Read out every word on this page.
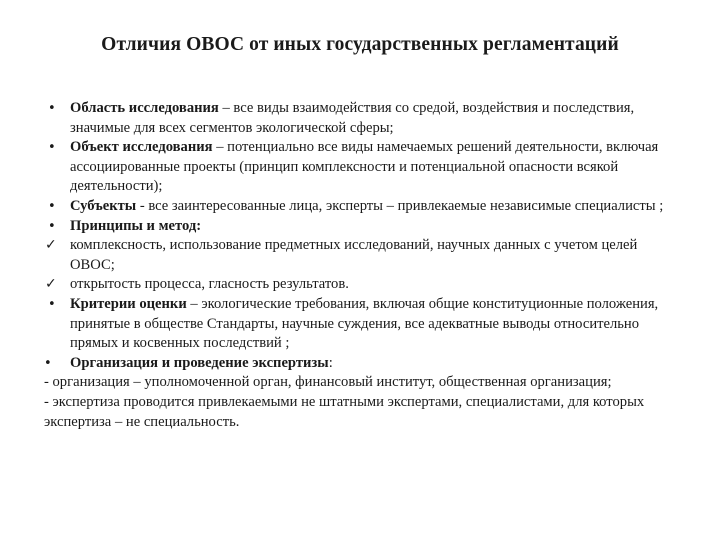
Отличия ОВОС от иных государственных регламентаций
• Область исследования – все виды взаимодействия со средой, воздействия и последствия, значимые для всех сегментов экологической сферы;
• Объект исследования – потенциально все виды намечаемых решений деятельности, включая ассоциированные проекты (принцип комплексности и потенциальной опасности всякой деятельности);
• Субъекты - все заинтересованные лица, эксперты – привлекаемые независимые специалисты ;
• Принципы и метод:
✓ комплексность, использование предметных исследований, научных данных с учетом целей ОВОС;
✓ открытость процесса, гласность результатов.
• Критерии оценки – экологические требования, включая общие конституционные положения, принятые в обществе Стандарты, научные суждения, все адекватные выводы относительно прямых и косвенных последствий ;
• Организация и проведение экспертизы:
- организация – уполномоченной орган, финансовый институт, общественная организация;
- экспертиза проводится привлекаемыми не штатными экспертами, специалистами, для которых экспертиза – не специальность.
